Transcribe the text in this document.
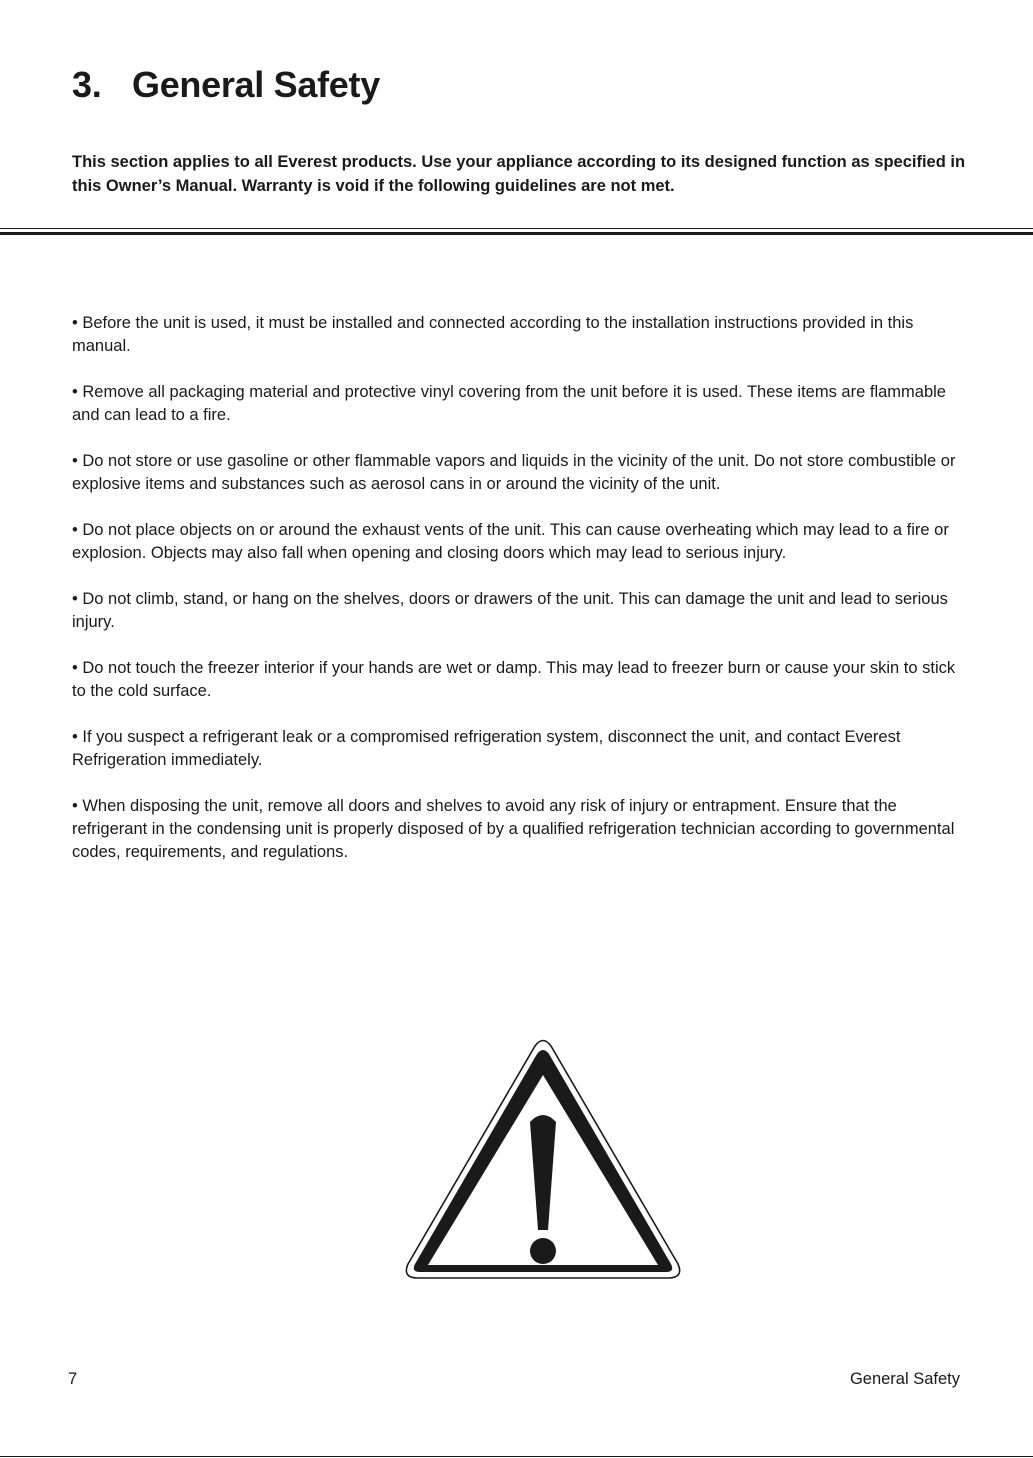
3. General Safety

This section applies to all Everest products. Use your appliance according to its designed function as specified in this Owner’s Manual. Warranty is void if the following guidelines are not met.

• Before the unit is used, it must be installed and connected according to the installation instructions provided in this manual.
• Remove all packaging material and protective vinyl covering from the unit before it is used. These items are flammable and can lead to a fire.
• Do not store or use gasoline or other flammable vapors and liquids in the vicinity of the unit. Do not store combustible or explosive items and substances such as aerosol cans in or around the vicinity of the unit.
• Do not place objects on or around the exhaust vents of the unit. This can cause overheating which may lead to a fire or explosion. Objects may also fall when opening and closing doors which may lead to serious injury.
• Do not climb, stand, or hang on the shelves, doors or drawers of the unit. This can damage the unit and lead to serious injury.
• Do not touch the freezer interior if your hands are wet or damp. This may lead to freezer burn or cause your skin to stick to the cold surface.
• If you suspect a refrigerant leak or a compromised refrigeration system, disconnect the unit, and contact Everest Refrigeration immediately.
• When disposing the unit, remove all doors and shelves to avoid any risk of injury or entrapment. Ensure that the refrigerant in the condensing unit is properly disposed of by a qualified refrigeration technician according to governmental codes, requirements, and regulations.
7	General Safety
